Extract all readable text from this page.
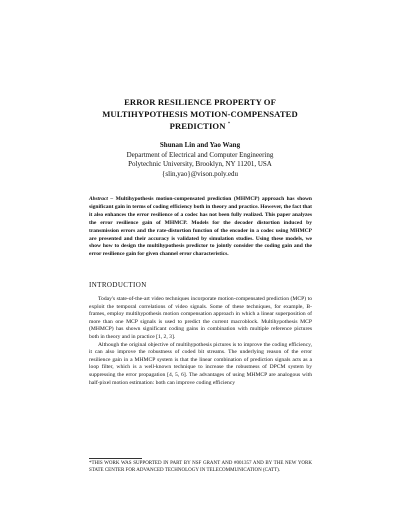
ERROR RESILIENCE PROPERTY OF
MULTIHYPOTHESIS MOTION-COMPENSATED
PREDICTION *
Shunan Lin and Yao Wang
Department of Electrical and Computer Engineering
Polytechnic University, Brooklyn, NY 11201, USA
{slin,yao}@vison.poly.edu
Abstract – Multihypothesis motion-compensated prediction (MHMCP) approach has shown significant gain in terms of coding efficiency both in theory and practice. However, the fact that it also enhances the error resilience of a codec has not been fully realized. This paper analyzes the error resilience gain of MHMCP. Models for the decoder distortion induced by transmission errors and the rate-distortion function of the encoder in a codec using MHMCP are presented and their accuracy is validated by simulation studies. Using these models, we show how to design the multihypothesis predictor to jointly consider the coding gain and the error resilience gain for given channel error characteristics.
INTRODUCTION

Today's state-of-the-art video techniques incorporate motion-compensated prediction (MCP) to exploit the temporal correlations of video signals. Some of these techniques, for example, B-frames, employ multihypothesis motion compensation approach in which a linear superposition of more than one MCP signals is used to predict the current macroblock. Multihypothesis MCP (MHMCP) has shown significant coding gains in combination with multiple reference pictures both in theory and in practice [1, 2, 3].

Although the original objective of multihypothesis pictures is to improve the coding efficiency, it can also improve the robustness of coded bit streams. The underlying reason of the error resilience gain in a MHMCP system is that the linear combination of prediction signals acts as a loop filter, which is a well-known technique to increase the robustness of DPCM system by suppressing the error propagation [4, 5, 6]. The advantages of using MHMCP are analogous with half-pixel motion estimation: both can improve coding efficiency

*THIS WORK WAS SUPPORTED IN PART BY NSF GRANT AND #001357 AND BY THE NEW YORK STATE CENTER FOR ADVANCED TECHNOLOGY IN TELECOMMUNICATION (CATT).
